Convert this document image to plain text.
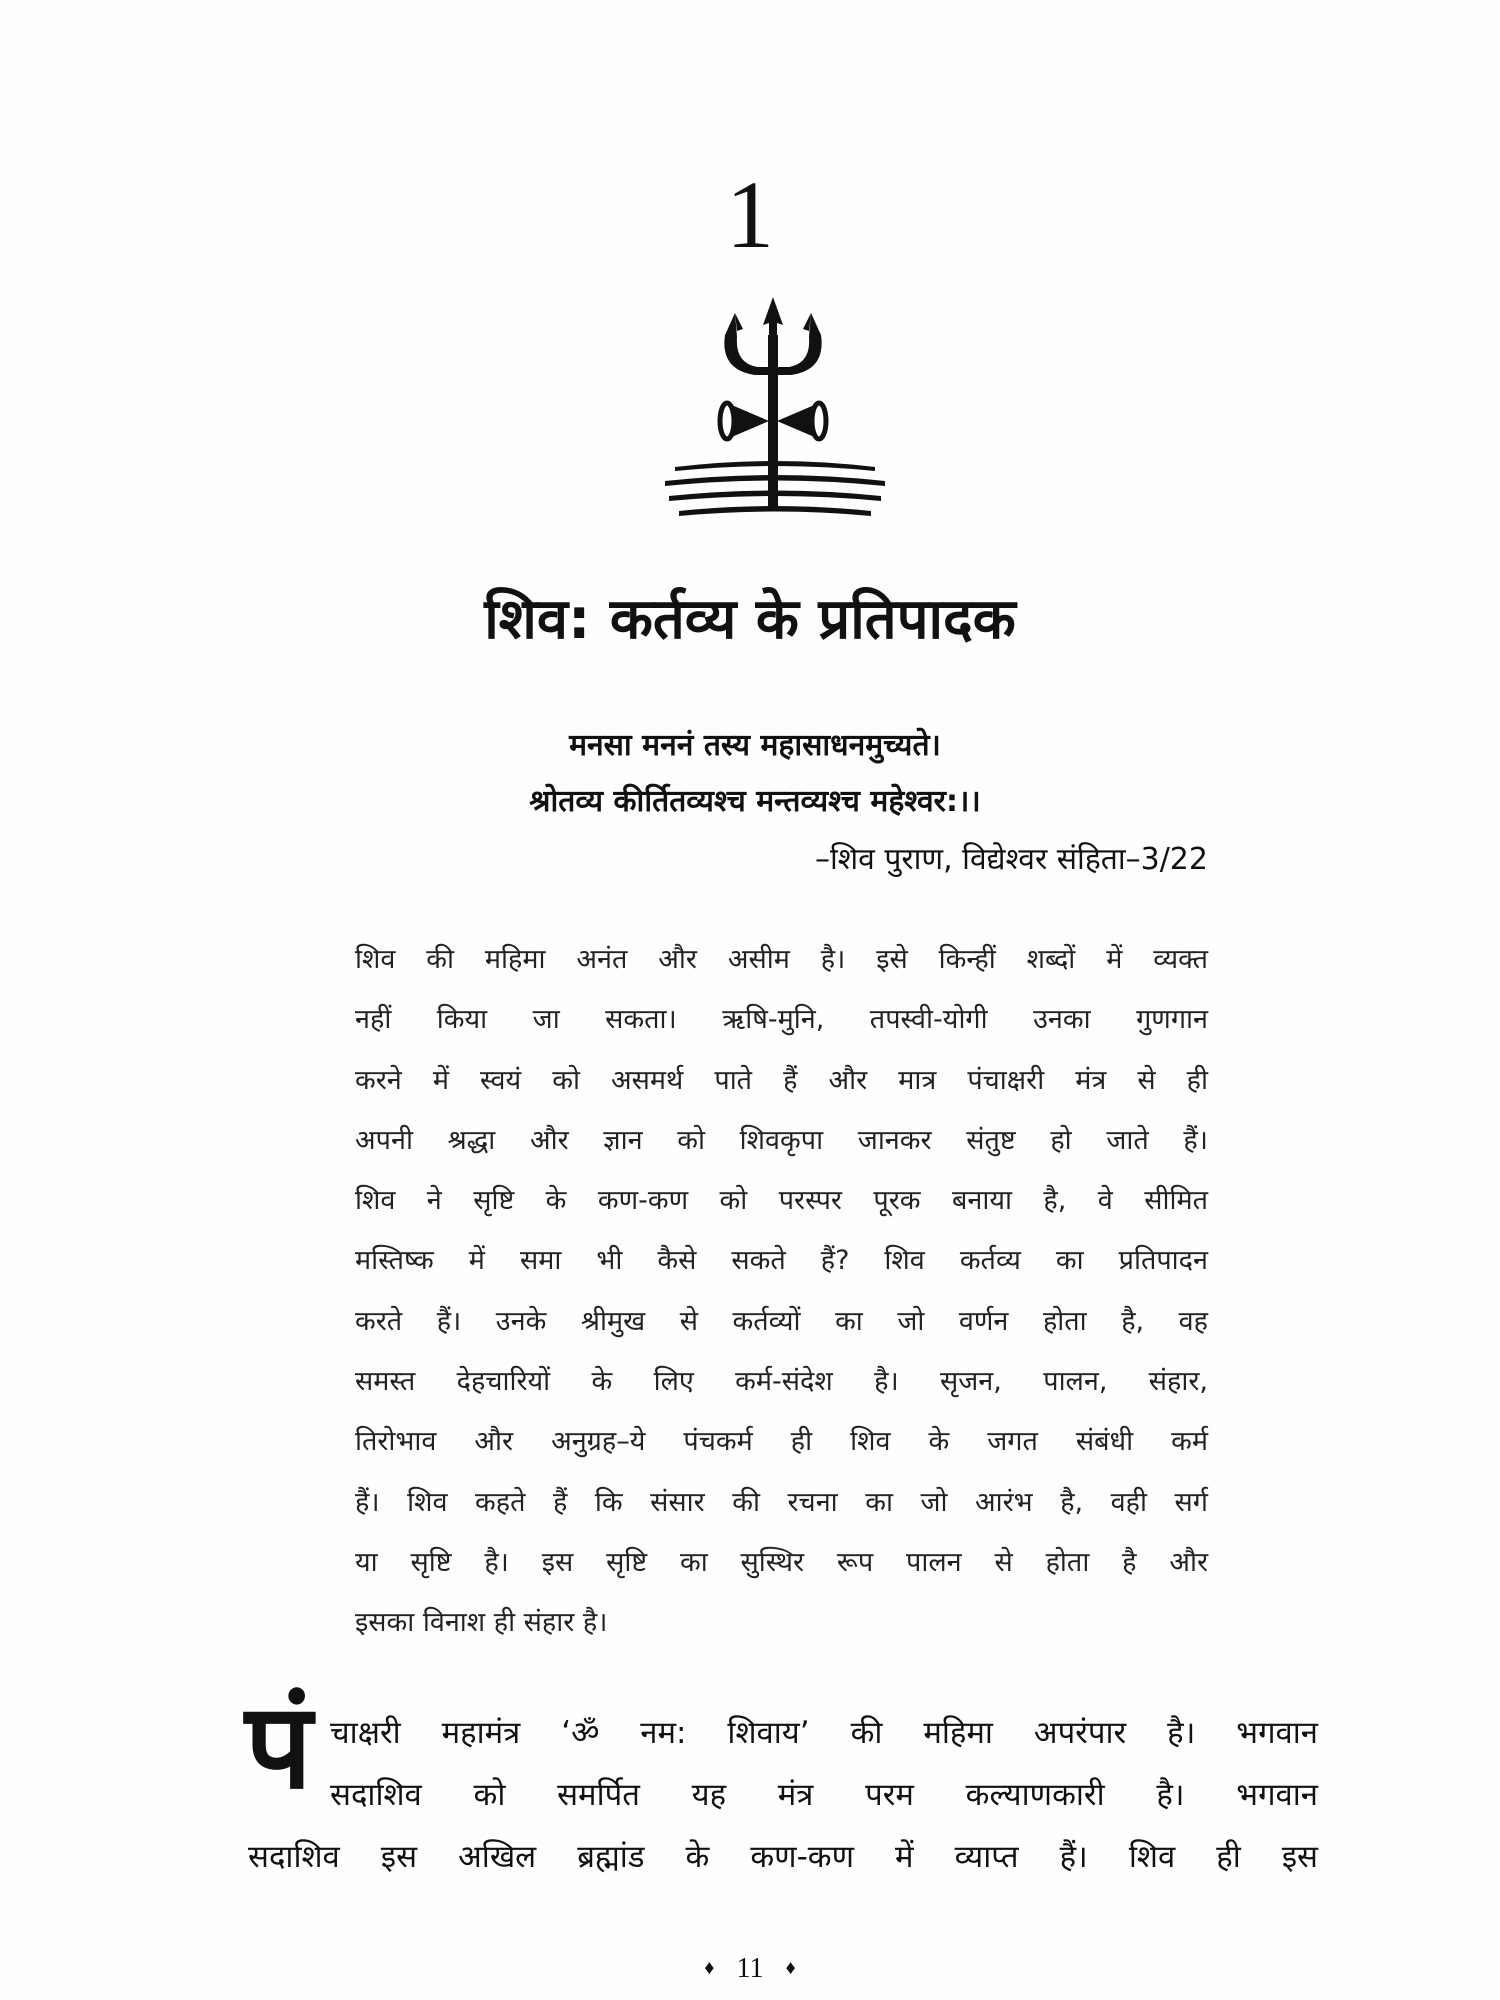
1
शिव: कर्तव्य के प्रतिपादक
मनसा मननं तस्य महासाधनमुच्यते।
श्रोतव्य कीर्तितव्यश्च मन्तव्यश्च महेश्वर:।।
–शिव पुराण, विद्येश्वर संहिता–3/22
शिव की महिमा अनंत और असीम है। इसे किन्हीं शब्दों में व्यक्त
नहीं किया जा सकता। ऋषि-मुनि, तपस्वी-योगी उनका गुणगान
करने में स्वयं को असमर्थ पाते हैं और मात्र पंचाक्षरी मंत्र से ही
अपनी श्रद्धा और ज्ञान को शिवकृपा जानकर संतुष्ट हो जाते हैं।
शिव ने सृष्टि के कण-कण को परस्पर पूरक बनाया है, वे सीमित
मस्तिष्क में समा भी कैसे सकते हैं? शिव कर्तव्य का प्रतिपादन
करते हैं। उनके श्रीमुख से कर्तव्यों का जो वर्णन होता है, वह
समस्त देहचारियों के लिए कर्म-संदेश है। सृजन, पालन, संहार,
तिरोभाव और अनुग्रह–ये पंचकर्म ही शिव के जगत संबंधी कर्म
हैं। शिव कहते हैं कि संसार की रचना का जो आरंभ है, वही सर्ग
या सृष्टि है। इस सृष्टि का सुस्थिर रूप पालन से होता है और
इसका विनाश ही संहार है।
पं चाक्षरी महामंत्र ‘ॐ नम: शिवाय’ की महिमा अपरंपार है। भगवान
सदाशिव को समर्पित यह मंत्र परम कल्याणकारी है। भगवान
सदाशिव इस अखिल ब्रह्मांड के कण-कण में व्याप्त हैं। शिव ही इस
♦ 11 ♦
